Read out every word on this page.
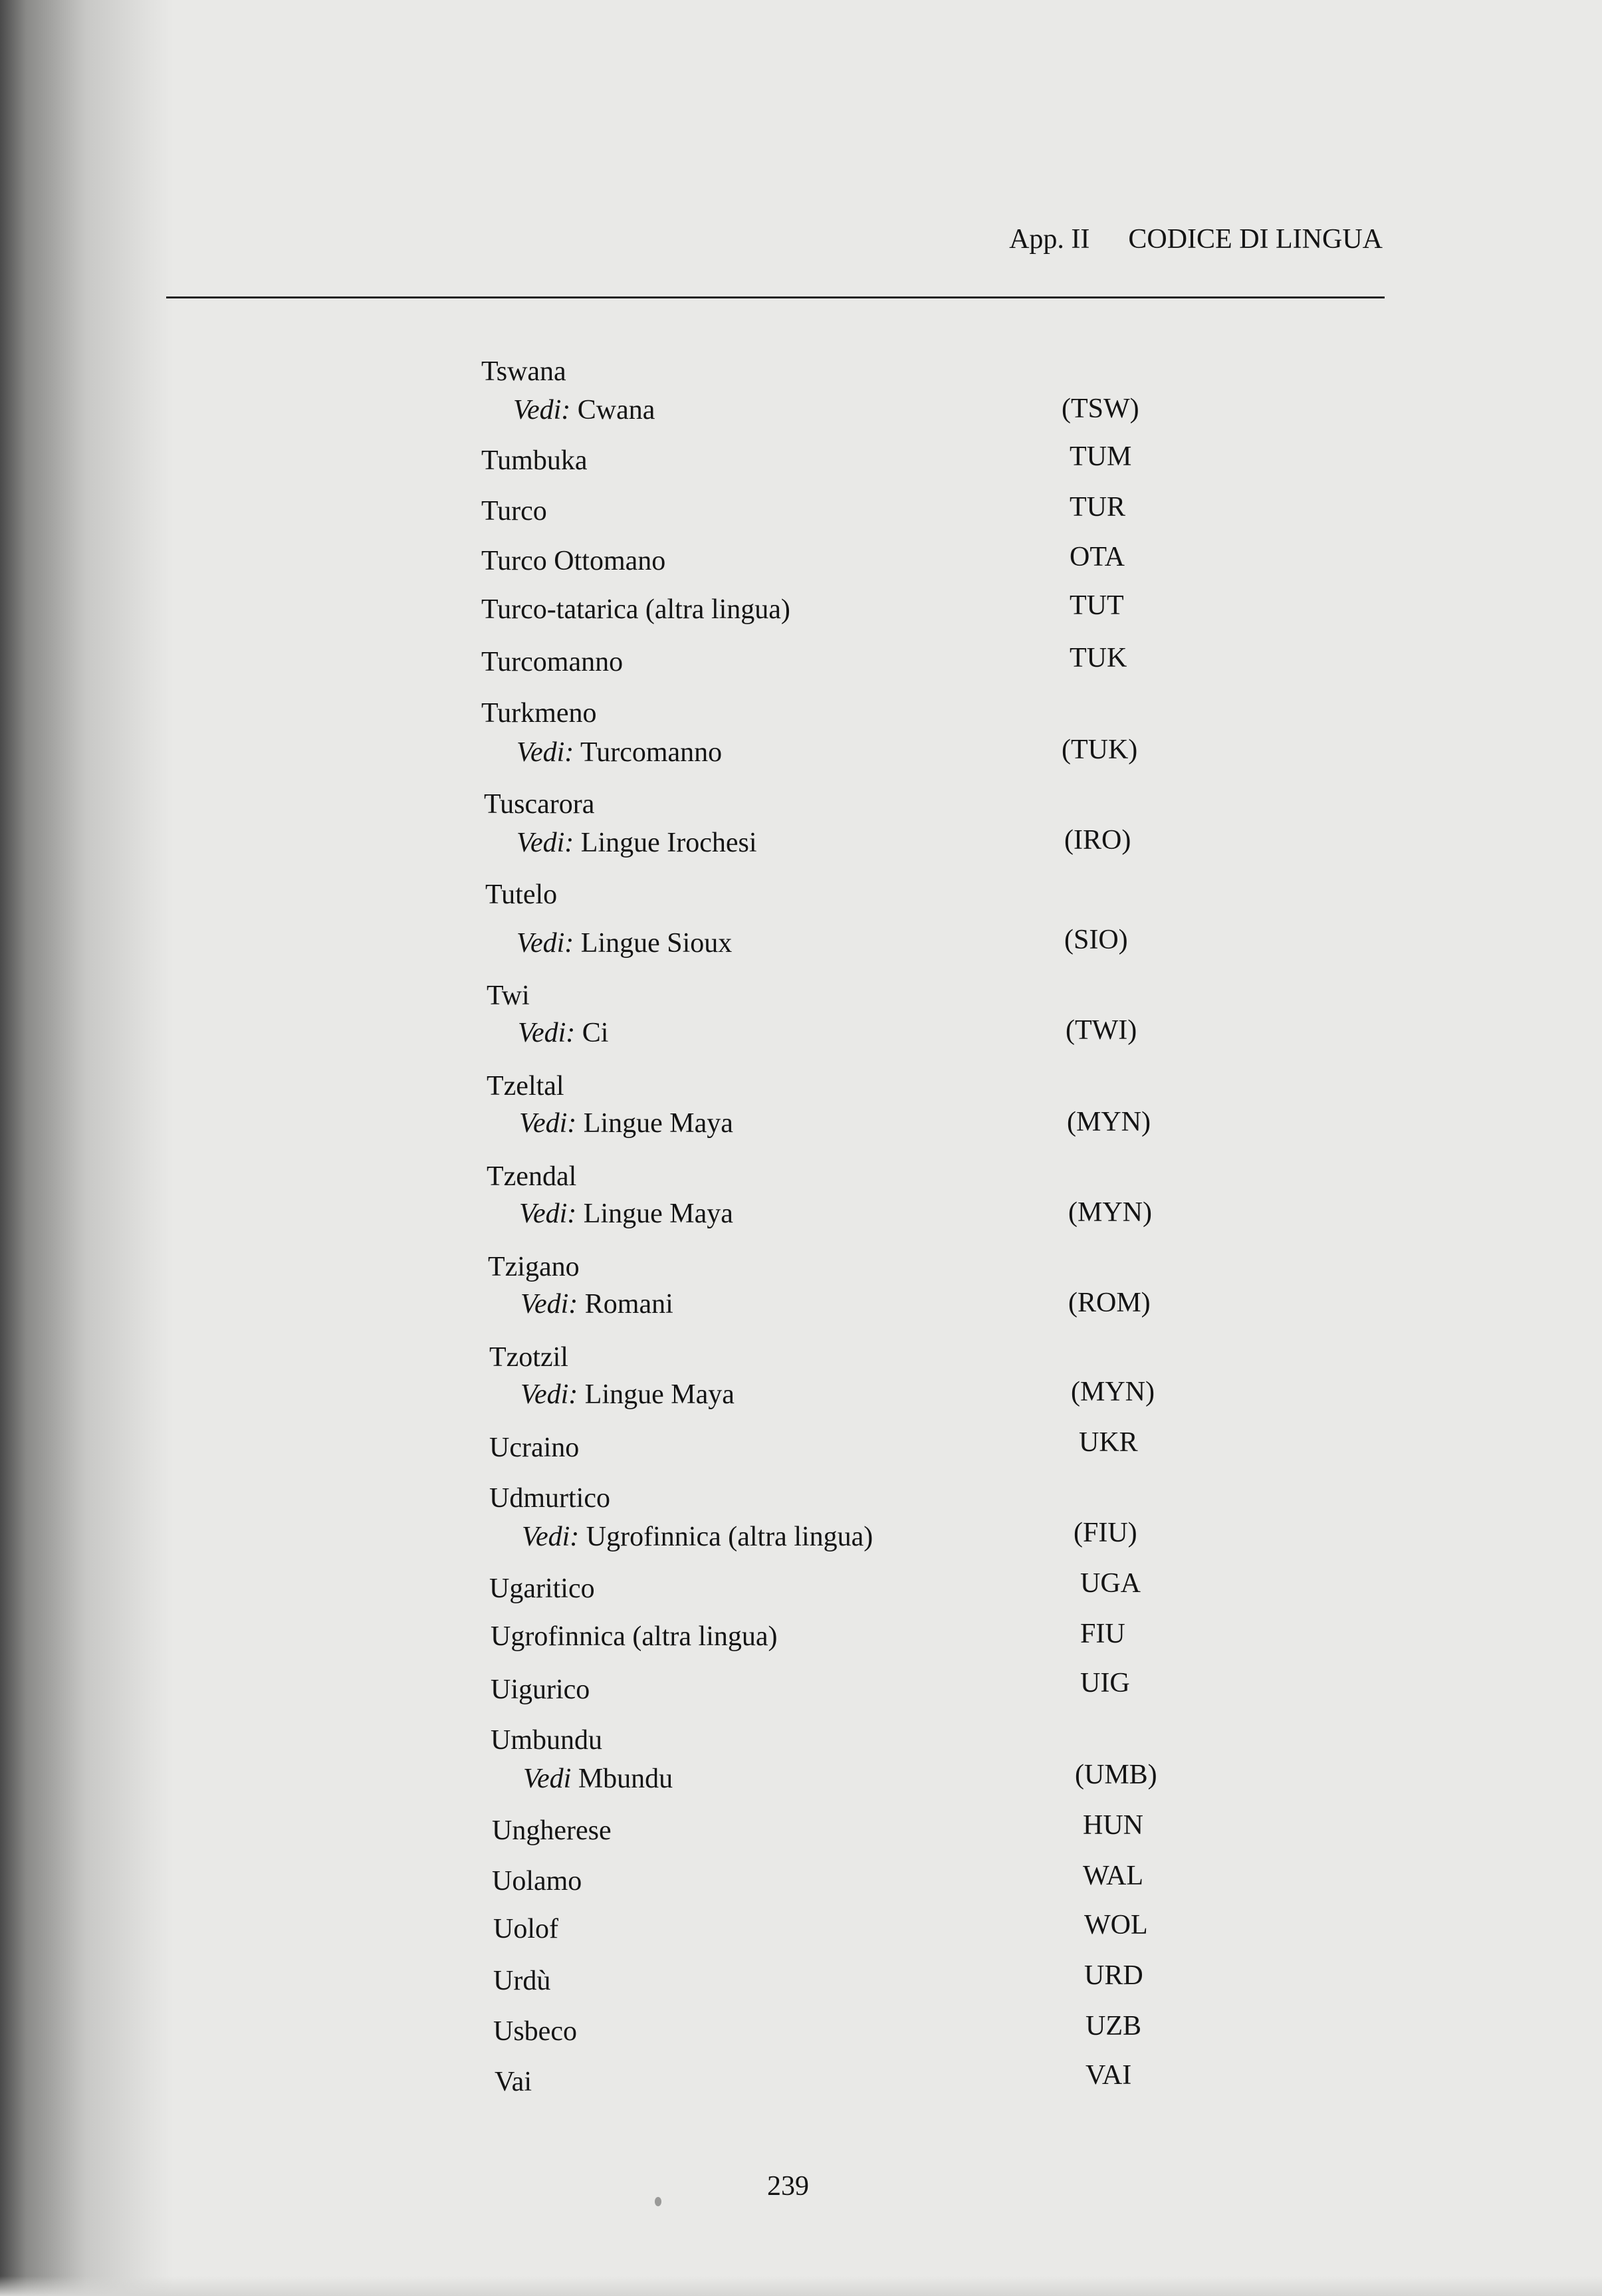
App. II CODICE DI LINGUA
Tswana
Vedi: Cwana	(TSW)
Tumbuka	TUM
Turco	TUR
Turco Ottomano	OTA
Turco-tatarica (altra lingua)	TUT
Turcomanno	TUK
Turkmeno
Vedi: Turcomanno	(TUK)
Tuscarora
Vedi: Lingue Irochesi	(IRO)
Tutelo
Vedi: Lingue Sioux	(SIO)
Twi
Vedi: Ci	(TWI)
Tzeltal
Vedi: Lingue Maya	(MYN)
Tzendal
Vedi: Lingue Maya	(MYN)
Tzigano
Vedi: Romani	(ROM)
Tzotzil
Vedi: Lingue Maya	(MYN)
Ucraino	UKR
Udmurtico
Vedi: Ugrofinnica (altra lingua)	(FIU)
Ugaritico	UGA
Ugrofinnica (altra lingua)	FIU
Uigurico	UIG
Umbundu
Vedi Mbundu	(UMB)
Ungherese	HUN
Uolamo	WAL
Uolof	WOL
Urdù	URD
Usbeco	UZB
Vai	VAI
239
